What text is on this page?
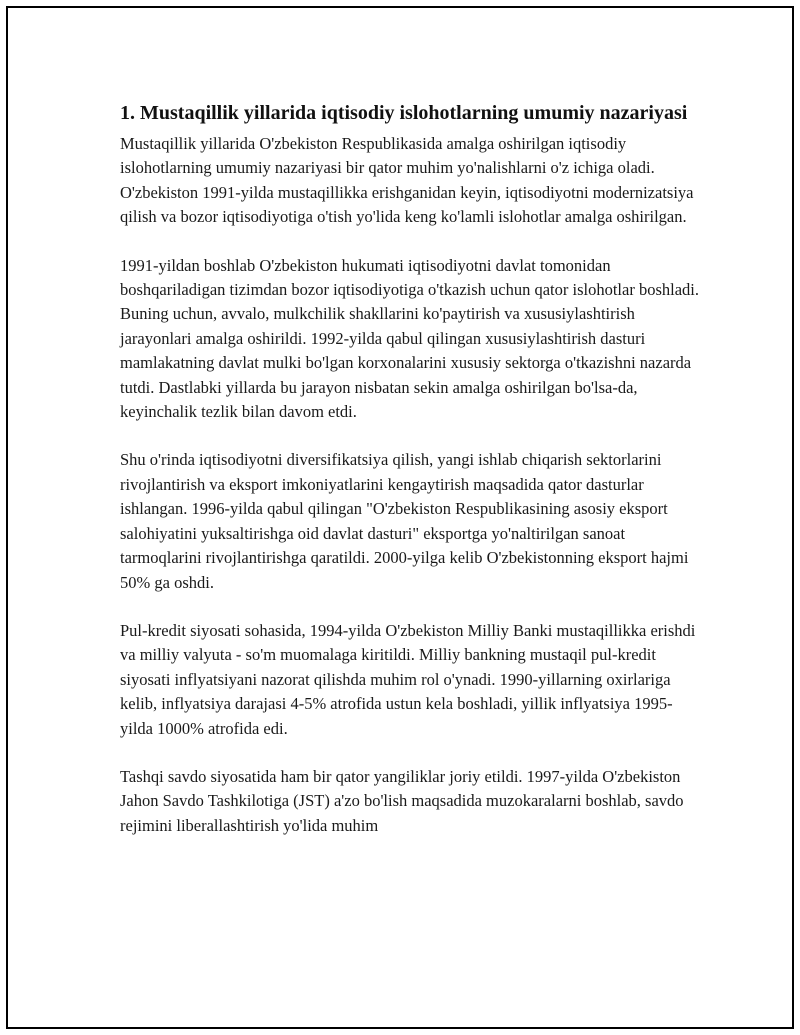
1. Mustaqillik yillarida iqtisodiy islohotlarning umumiy nazariyasi

Mustaqillik yillarida O'zbekiston Respublikasida amalga oshirilgan iqtisodiy islohotlarning umumiy nazariyasi bir qator muhim yo'nalishlarni o'z ichiga oladi. O'zbekiston 1991-yilda mustaqillikka erishganidan keyin, iqtisodiyotni modernizatsiya qilish va bozor iqtisodiyotiga o'tish yo'lida keng ko'lamli islohotlar amalga oshirilgan.

1991-yildan boshlab O'zbekiston hukumati iqtisodiyotni davlat tomonidan boshqariladigan tizimdan bozor iqtisodiyotiga o'tkazish uchun qator islohotlar boshladi. Buning uchun, avvalo, mulkchilik shakllarini ko'paytirish va xususiylashtirish jarayonlari amalga oshirildi. 1992-yilda qabul qilingan xususiylashtirish dasturi mamlakatning davlat mulki bo'lgan korxonalarini xususiy sektorga o'tkazishni nazarda tutdi. Dastlabki yillarda bu jarayon nisbatan sekin amalga oshirilgan bo'lsa-da, keyinchalik tezlik bilan davom etdi.

Shu o'rinda iqtisodiyotni diversifikatsiya qilish, yangi ishlab chiqarish sektorlarini rivojlantirish va eksport imkoniyatlarini kengaytirish maqsadida qator dasturlar ishlangan. 1996-yilda qabul qilingan "O'zbekiston Respublikasining asosiy eksport salohiyatini yuksaltirishga oid davlat dasturi" eksportga yo'naltirilgan sanoat tarmoqlarini rivojlantirishga qaratildi. 2000-yilga kelib O'zbekistonning eksport hajmi 50% ga oshdi.

Pul-kredit siyosati sohasida, 1994-yilda O'zbekiston Milliy Banki mustaqillikka erishdi va milliy valyuta - so'm muomalaga kiritildi. Milliy bankning mustaqil pul-kredit siyosati inflyatsiyani nazorat qilishda muhim rol o'ynadi. 1990-yillarning oxirlariga kelib, inflyatsiya darajasi 4-5% atrofida ustun kela boshladi, yillik inflyatsiya 1995-yilda 1000% atrofida edi.

Tashqi savdo siyosatida ham bir qator yangiliklar joriy etildi. 1997-yilda O'zbekiston Jahon Savdo Tashkilotiga (JST) a'zo bo'lish maqsadida muzokaralarni boshlab, savdo rejimini liberallashtirish yo'lida muhim
